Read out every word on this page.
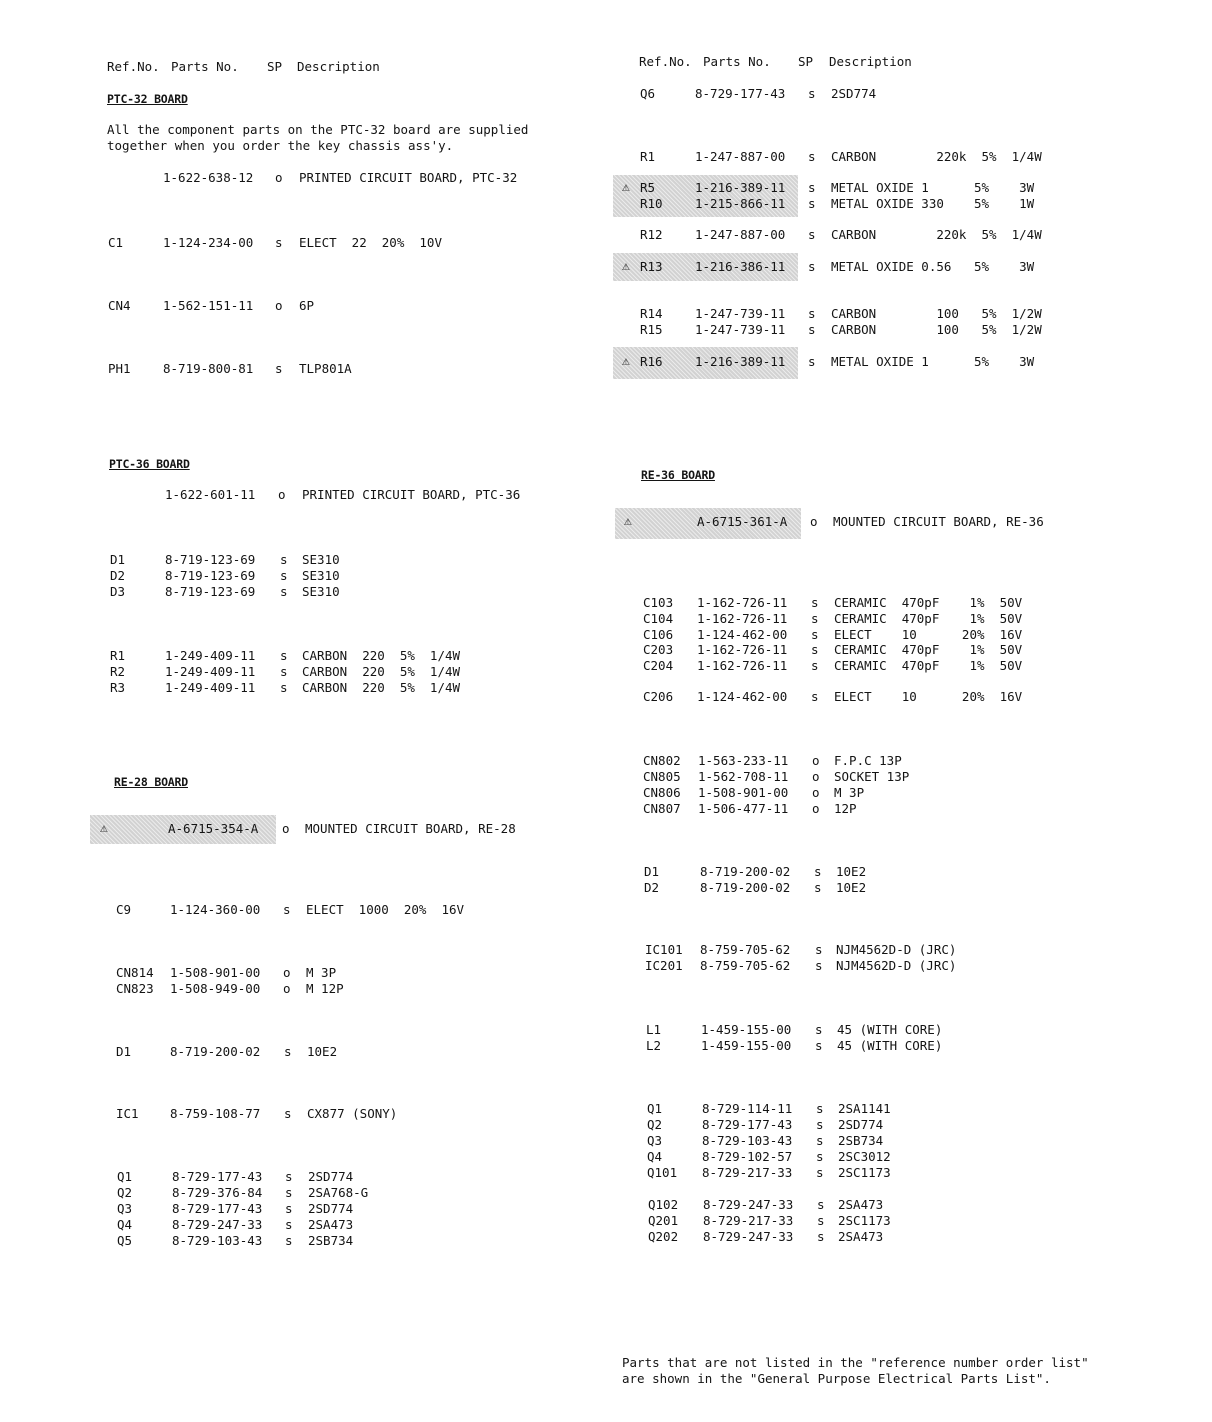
Ref.No. Parts No. SP Description
PTC-32 BOARD
All the component parts on the PTC-32 board are supplied
together when you order the key chassis ass'y.
1-622-638-12 o PRINTED CIRCUIT BOARD, PTC-32
C1	1-124-234-00 s ELECT  22  20%  10V
CN4	1-562-151-11 o 6P
PH1	8-719-800-81 s TLP801A
PTC-36 BOARD
1-622-601-11 o PRINTED CIRCUIT BOARD, PTC-36
D1	8-719-123-69 s SE310
D2	8-719-123-69 s SE310
D3	8-719-123-69 s SE310
R1	1-249-409-11 s CARBON  220  5%  1/4W
R2	1-249-409-11 s CARBON  220  5%  1/4W
R3	1-249-409-11 s CARBON  220  5%  1/4W
RE-28 BOARD
⚠	A-6715-354-A o MOUNTED CIRCUIT BOARD, RE-28
C9	1-124-360-00 s ELECT  1000  20%  16V
CN814 1-508-901-00 o M 3P
CN823 1-508-949-00 o M 12P
D1	8-719-200-02 s 10E2
IC1	8-759-108-77 s CX877 (SONY)
Q1	8-729-177-43 s 2SD774
Q2	8-729-376-84 s 2SA768-G
Q3	8-729-177-43 s 2SD774
Q4	8-729-247-33 s 2SA473
Q5	8-729-103-43 s 2SB734
Ref.No. Parts No. SP Description
Q6	8-729-177-43 s 2SD774
R1	1-247-887-00 s CARBON        220k  5%  1/4W
⚠ R5	1-216-389-11 s METAL OXIDE 1      5%    3W
R10	1-215-866-11 s METAL OXIDE 330    5%    1W
R12	1-247-887-00 s CARBON        220k  5%  1/4W
⚠ R13	1-216-386-11 s METAL OXIDE 0.56   5%    3W
R14	1-247-739-11 s CARBON        100   5%  1/2W
R15	1-247-739-11 s CARBON        100   5%  1/2W
⚠ R16	1-216-389-11 s METAL OXIDE 1      5%    3W
RE-36 BOARD
⚠	A-6715-361-A o MOUNTED CIRCUIT BOARD, RE-36
C103 1-162-726-11 s CERAMIC  470pF    1%  50V
C104 1-162-726-11 s CERAMIC  470pF    1%  50V
C106 1-124-462-00 s ELECT    10      20%  16V
C203 1-162-726-11 s CERAMIC  470pF    1%  50V
C204 1-162-726-11 s CERAMIC  470pF    1%  50V
C206 1-124-462-00 s ELECT    10      20%  16V
CN802 1-563-233-11 o F.P.C 13P
CN805 1-562-708-11 o SOCKET 13P
CN806 1-508-901-00 o M 3P
CN807 1-506-477-11 o 12P
D1	8-719-200-02 s 10E2
D2	8-719-200-02 s 10E2
IC101 8-759-705-62 s NJM4562D-D (JRC)
IC201 8-759-705-62 s NJM4562D-D (JRC)
L1	1-459-155-00 s 45 (WITH CORE)
L2	1-459-155-00 s 45 (WITH CORE)
Q1	8-729-114-11 s 2SA1141
Q2	8-729-177-43 s 2SD774
Q3	8-729-103-43 s 2SB734
Q4	8-729-102-57 s 2SC3012
Q101 8-729-217-33 s 2SC1173
Q102 8-729-247-33 s 2SA473
Q201 8-729-217-33 s 2SC1173
Q202 8-729-247-33 s 2SA473
Parts that are not listed in the "reference number order list"
are shown in the "General Purpose Electrical Parts List".
